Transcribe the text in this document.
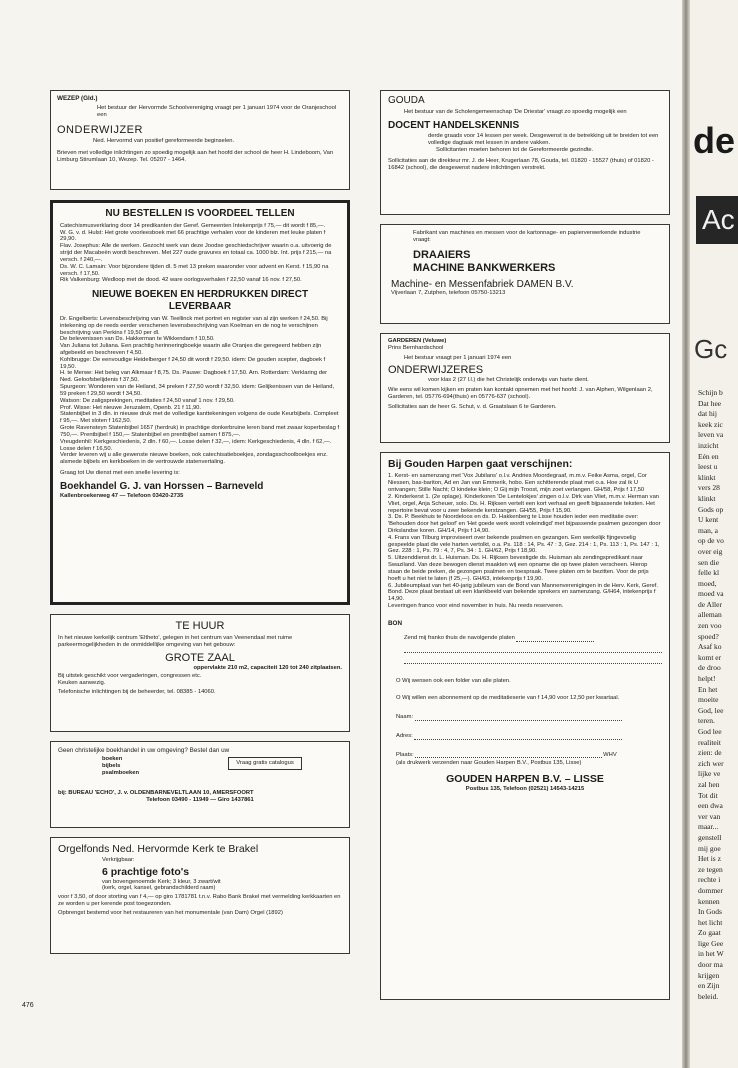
WEZEP (Gld.)

Het bestuur der Hervormde Schoolvereniging vraagt per 1 januari 1974 voor de Oranjeschool een

ONDERWIJZER

Ned. Hervormd van positief gereformeerde beginselen.

Brieven met volledige inlichtingen zo spoedig mogelijk aan het hoofd der school de heer H. Lindeboom, Van Limburg Stirumlaan 10, Wezep. Tel. 05207 - 1464.

NU BESTELLEN IS VOORDEEL TELLEN

Catechismusverklaring door 14 predikanten der Geref. Gemeenten Intekenprijs f 75,— dit wordt f 85,—.

W. G. v. d. Hulst: Het grote voorleesboek met 66 prachtige verhalen voor de kinderen met leuke platen f 29,90.

Flav. Josephus: Alle de werken. Gezocht werk van deze Joodse geschiedschrijver waarin o.a. uitvoerig de strijd der Macabeën wordt beschreven. Met 227 oude gravures en totaal ca. 1000 blz. Int. prijs f 215,— na versch. f 240,—.

Ds. W. C. Lamain: Voor bijzondere tijden dl. 5 met 13 preken waaronder voor advent en Kerst. f 15,90 na versch. f 17,50.

Rik Valkenburg: Wedloop met de dood. 42 ware oorlogsverhalen f 22,50 vanaf 16 nov. f 27,50.

NIEUWE BOEKEN EN HERDRUKKEN DIRECT LEVERBAAR

Dr. Engelberts: Levensbeschrijving van W. Teellinck met portret en register van al zijn werken f 24,50. Bij intekening op de reeds eerder verschenen levensbeschrijving van Koelman en de nog te verschijnen beschrijving van Perkins f 19,50 per dl.

De belevenissen van Ds. Hakkerman te Wikkendam f 10,50.

Van Juliana tot Juliana. Een prachtig herinneringboekje waarin alle Oranjes die geregeerd hebben zijn afgebeeld en beschreven f 4,50.

Kohlbrugge: De eenvoudige Heidelberger f 24,50 dit wordt f 29,50. idem: De gouden scepter, dagboek f 19,50.

H. te Merwe: Het beleg van Alkmaar f 8,75. Ds. Pauwe: Dagboek f 17,50. Arn. Rotterdam: Verklaring der Ned. Geloofsbelijdenis f 37,50.

Spurgeon: Wonderen van de Heiland, 34 preken f 27,50 wordt f 32,50. idem: Gelijkenissen van de Heiland, 59 preken f 29,50 wordt f 34,50.

Watson: De zaligsprekingen, meditaties f 24,50 vanaf 1 nov. f 29,50.

Prof. Wisse: Het nieuwe Jeruzalem, Openb. 21 f 11,90.

Statenbijbel in 3 dln. in nieuwe druk met de volledige kanttekeningen volgens de oude Keurbijbels. Compleet f 95,—. Met sloten f 162,50.

Grote Ravensteyn Statenbijbel 1657 (herdruk) in prachtige donkerbruine leren band met zwaar koperbeslag f 750,—. Prentbijbel f 150,— Statenbijbel en prentbijbel samen f 875,—.

Vreugdenhil: Kerkgeschiedenis, 2 dln. f 60,—. Losse delen f 32,—, idem: Kerkgeschiedenis, 4 dln. f 62,—. Losse delen f 16,50.

Verder leveren wij u alle gewenste nieuwe boeken, ook catechisatieboekjes, zondagsschoolboekjes enz. alsmede bijbels en kerkboeken in de vertrouwde statenvertaling.

Graag tot Uw dienst met een snelle levering is:

Boekhandel G. J. van Horssen – Barneveld

Kallenbroekerweg 47 — Telefoon 03420-2735

TE HUUR

In het nieuwe kerkelijk centrum 'Eltheto', gelegen in het centrum van Veenendaal met ruime parkeermogelijkheden in de onmiddellijke omgeving van het gebouw:

GROTE ZAAL

oppervlakte 210 m2, capaciteit 120 tot 240 zitplaatsen.

Bij uitstek geschikt voor vergaderingen, congressen etc.

Keuken aanwezig.

Telefonische inlichtingen bij de beheerder, tel. 08385 - 14060.

Geen christelijke boekhandel in uw omgeving? Bestel dan uw

boeken

bijbels

psalmboeken

Vraag gratis catalogus

bij: BUREAU 'ECHO', J. v. OLDENBARNEVELTLAAN 10, AMERSFOORT

Telefoon 03490 - 11949 — Giro 1437861

Orgelfonds Ned. Hervormde Kerk te Brakel

Verkrijgbaar:

6 prachtige foto's

van bovengenoemde Kerk; 3 kleur, 3 zwart/wit

(kerk, orgel, kansel, gebrandschilderd raam)

voor f 3,50, of door storting van f 4,— op giro 1781781 t.n.v. Rabo Bank Brakel met vermelding kerkkaarten en ze worden u per kerende post toegezonden.

Opbrengst bestemd voor het restaureren van het monumentale (van Dam) Orgel (1892)

GOUDA

Het bestuur van de Scholengemeenschap 'De Driestar' vraagt zo spoedig mogelijk een

DOCENT HANDELSKENNIS

derde graads voor 14 lessen per week. Desgewenst is de betrekking uit te breiden tot een volledige dagtaak met lessen in andere vakken.

Sollicitanten moeten behoren tot de Gereformeerde gezindte.

Sollicitaties aan de direkteur mr. J. de Heer, Krugerlaan 78, Gouda, tel. 01820 - 15527 (thuis) of 01820 - 16842 (school), die desgewenst nadere inlichtingen verstrekt.

Fabrikant van machines en messen voor de kartonnage- en papierverwerkende industrie vraagt:

DRAAIERS

MACHINE BANKWERKERS

Machine- en Messenfabriek DAMEN B.V.

Vijverlaan 7, Zutphen, telefoon 05750-13213

GARDEREN (Veluwe)

Prins Bernhardschool

Het bestuur vraagt per 1 januari 1974 een

ONDERWIJZERES

voor klas 2 (27 l.l.) die het Christelijk onderwijs van harte dient.

Wie eens wil komen kijken en praten kan kontakt opnemen met het hoofd: J. van Alphen, Wilgenlaan 2, Garderen, tel. 05776-694(thuis) en 05776-637 (school).

Sollicitaties aan de heer G. Schut, v. d. Graatslaan 6 te Garderen.

Bij Gouden Harpen gaat verschijnen:

1. Kerst- en samenzang met 'Vox Jubilans' o.l.v. Andries Moordegraaf, m.m.v. Feike Asma, orgel, Cor Niessen, bas-bariton, Ad en Jan van Emmerik, hobo. Een schitterende plaat met o.a. Hoe zal ik U ontvangen; Stille Nacht; O kindeke klein; O Gij mijn Troost, mijn zoet verlangen. GH/58, Prijs f 17,50

2. Kinderkerst 1. (2e oplage). Kinderkoren 'De Lentelokjes' zingen o.l.v. Dirk van Vliet, m.m.v. Herman van Vliet, orgel, Anja Scheuer, solo. Ds. H. Rijksen vertelt een kort verhaal en geeft bijpassende teksten. Het repertoire bevat voor u zeer bekende kerstzangen. GH/55, Prijs f 15,90.

3. Ds. P. Beekhuis te Noordeloos en ds. D. Hakkenberg te Lisse houden ieder een meditatie over: 'Behouden door het geloof' en 'Het goede werk wordt voleindigd' met bijpassende psalmen gezongen door Dirkslandse koren. GH/14, Prijs f 14,90.

4. Frans van Tilburg improviseert over bekende psalmen en gezangen. Een werkelijk fijngevoelig gespeelde plaat die vele harten vertolkt, o.a. Ps. 118 : 14, Ps. 47 : 3, Gez. 214 : 1, Ps. 113 : 1, Ps. 147 : 1, Gez. 228 : 1, Ps. 79 : 4, 7, Ps. 34 : 1. GH/62, Prijs f 18,90.

5. Uitzenddienst dr. L. Huisman. Ds. H. Rijksen bevestigde ds. Huisman als zendingspredikant naar Swaziland. Van deze bewogen dienst maakten wij een opname die op twee platen verscheen. Hierop staan de beide preken, de gezongen psalmen en toespraak. Twee platen om te bezitten. Voor de prijs hoeft u het niet te laten (f 25,—). GH/63, intekenprijs f 19,90.

6. Jubileumplaat van het 40-jarig jubileum van de Bond van Mannenverenigingen in de Herv. Kerk, Geref. Bond. Deze plaat bestaat uit een klankbeeld van bekende sprekers en samenzang. G/H64, intekenprijs f 14,90.

Leveringen franco voor eind november in huis. Nu reeds reserveren.

BON

Zend mij franko thuis de navolgende platen

O Wij wensen ook een folder van alle platen.

O Wij willen een abonnement op de meditatieserie van f 14,90 voor 12,50 per kwartaal.

Naam:

Adres:

Plaats:	WHV

(als drukwerk verzenden naar Gouden Harpen B.V., Postbus 135, Lisse)

GOUDEN HARPEN B.V. – LISSE

Postbus 135, Telefoon (02521) 14543-14215

476
de
Ac
Gc

Schijn b

Dat hee

dat hij

keek zic

leven va

inzicht

Eén en

leest u

klinkt

vers 28

klinkt

Gods op

U kent

man, a

op de vo

over eig

sen die

felle kl

moed,

moed va

de Aller

alleman

zen voo

spoed?

Asaf ko

komt er

de droo

helpt!

En het

moeite

God, lee

teren.

God lee

realiteit

zien: de

zich wer

lijke ve

zal hen

Tot dit

een dwa

ver van

maar...

genstell

mij goe

Het is z

ze tegen

rechte i

dommer

kennen

In Gods

het licht

Zo gaat

lige Gee

in het W

door ma

krijgen

en Zijn

beleid.
